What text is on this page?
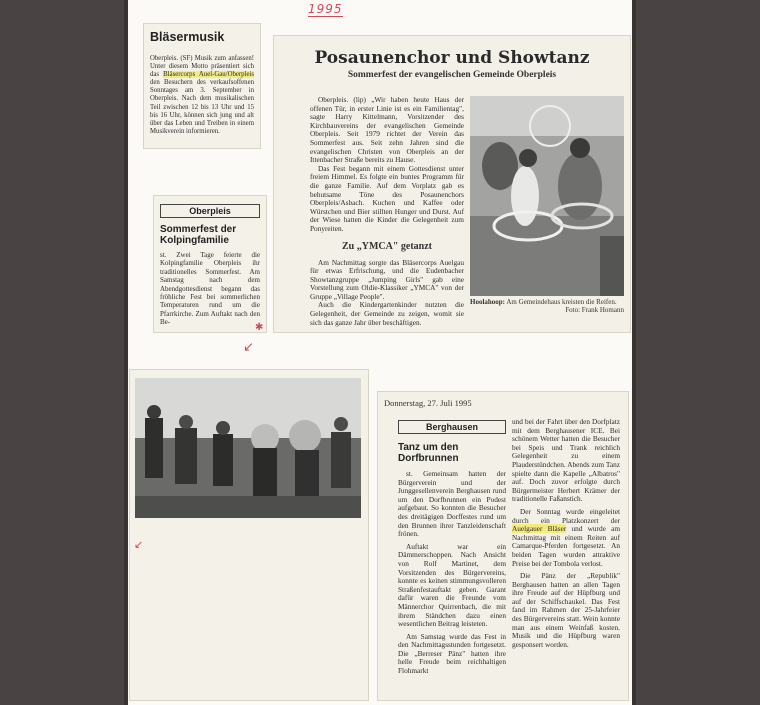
1995
Bläsermusik

Oberpleis. (SF) Musik zum anfassen! Unter diesem Motto präsentiert sich das Bläsercorps Auel-Gau/Oberpleis den Besuchern des verkaufsoffenen Sonntages am 3. September in Oberpleis. Nach dem musikalischen Teil zwischen 12 bis 13 Uhr und 15 bis 16 Uhr, können sich jung und alt über das Leben und Treiben in einem Musikverein informieren.

Oberpleis
Sommerfest der Kolpingfamilie

st. Zwei Tage feierte die Kolpingfamilie Oberpleis ihr traditionelles Sommerfest. Am Samstag nach dem Abendgottesdienst begann das fröhliche Fest bei sommerlichen Temperaturen rund um die Pfarrkirche. Zum Auftakt nach den Be-	✱
↙
Posaunenchor und Showtanz
Sommerfest der evangelischen Gemeinde Oberpleis

Oberpleis. (lip) „Wir haben heute Haus der offenen Tür, in erster Linie ist es ein Familientag", sagte Harry Kittelmann, Vorsitzender des Kirchbauvereins der evangelischen Gemeinde Oberpleis. Seit 1979 richtet der Verein das Sommerfest aus. Seit zehn Jahren sind die evangelischen Christen von Oberpleis an der Ittenbacher Straße bereits zu Hause.

Das Fest begann mit einem Gottesdienst unter freiem Himmel. Es folgte ein buntes Programm für die ganze Familie. Auf dem Vorplatz gab es behutsame Töne des Posaunenchors Oberpleis/Asbach. Kuchen und Kaffee oder Würstchen und Bier stillten Hunger und Durst. Auf der Wiese hatten die Kinder die Gelegenheit zum Ponyreiten.

Zu „YMCA" getanzt

Am Nachmittag sorgte das Bläsercorps Auelgau für etwas Erfrischung, und die Eudenbacher Showtanzgruppe „Jumping Girls" gab eine Vorstellung zum Oldie-Klassiker „YMCA" von der Gruppe „Village People".

Auch die Kindergartenkinder nutzten die Gelegenheit, der Gemeinde zu zeigen, womit sie sich das ganze Jahr über beschäftigen.

Hoolahoop: Am Gemeindehaus kreisten die Reifen.

Foto: Frank Homann

↙
Donnerstag, 27. Juli 1995
Berghausen
Tanz um den Dorfbrunnen

st. Gemeinsam hatten der Bürgerverein und der Junggesellenverein Berghausen rund um den Dorfbrunnen ein Podest aufgebaut. So konnten die Besucher des dreitägigen Dorffestes rund um den Brunnen ihrer Tanzleidenschaft frönen.

Auftakt war ein Dämmerschoppen. Nach Ansicht von Rolf Martinet, dem Vorsitzenden des Bürgervereins, konnte es keinen stimmungsvolleren Straßenfestauftakt geben. Garant dafür waren die Freunde vom Männerchor Quirrenbach, die mit ihrem Ständchen dazu einen wesentlichen Beitrag leisteten.

Am Samstag wurde das Fest in den Nachmittagsstunden fortgesetzt. Die „Berreser Pänz" hatten ihre helle Freude beim reichhaltigen Flohmarkt

und bei der Fahrt über den Dorfplatz mit dem Berghausener ICE. Bei schönem Wetter hatten die Besucher bei Speis und Trank reichlich Gelegenheit zu einem Plauderstündchen. Abends zum Tanz spielte dann die Kapelle „Albatros" auf. Doch zuvor erfolgte durch Bürgermeister Herbert Krämer der traditionelle Faßanstich.

Der Sonntag wurde eingeleitet durch ein Platzkonzert der Auelgauer Bläser und wurde am Nachmittag mit einem Reiten auf Camarque-Pferden fortgesetzt. An beiden Tagen wurden attraktive Preise bei der Tombola verlost.

Die Pänz der „Republik" Berghausen hatten an allen Tagen ihre Freude auf der Hüpfburg und auf der Schiffschaukel. Das Fest fand im Rahmen der 25-Jahrfeier des Bürgervereins statt. Wein konnte man aus einem Weinfaß kosten. Musik und die Hüpfburg waren gesponsert worden.
